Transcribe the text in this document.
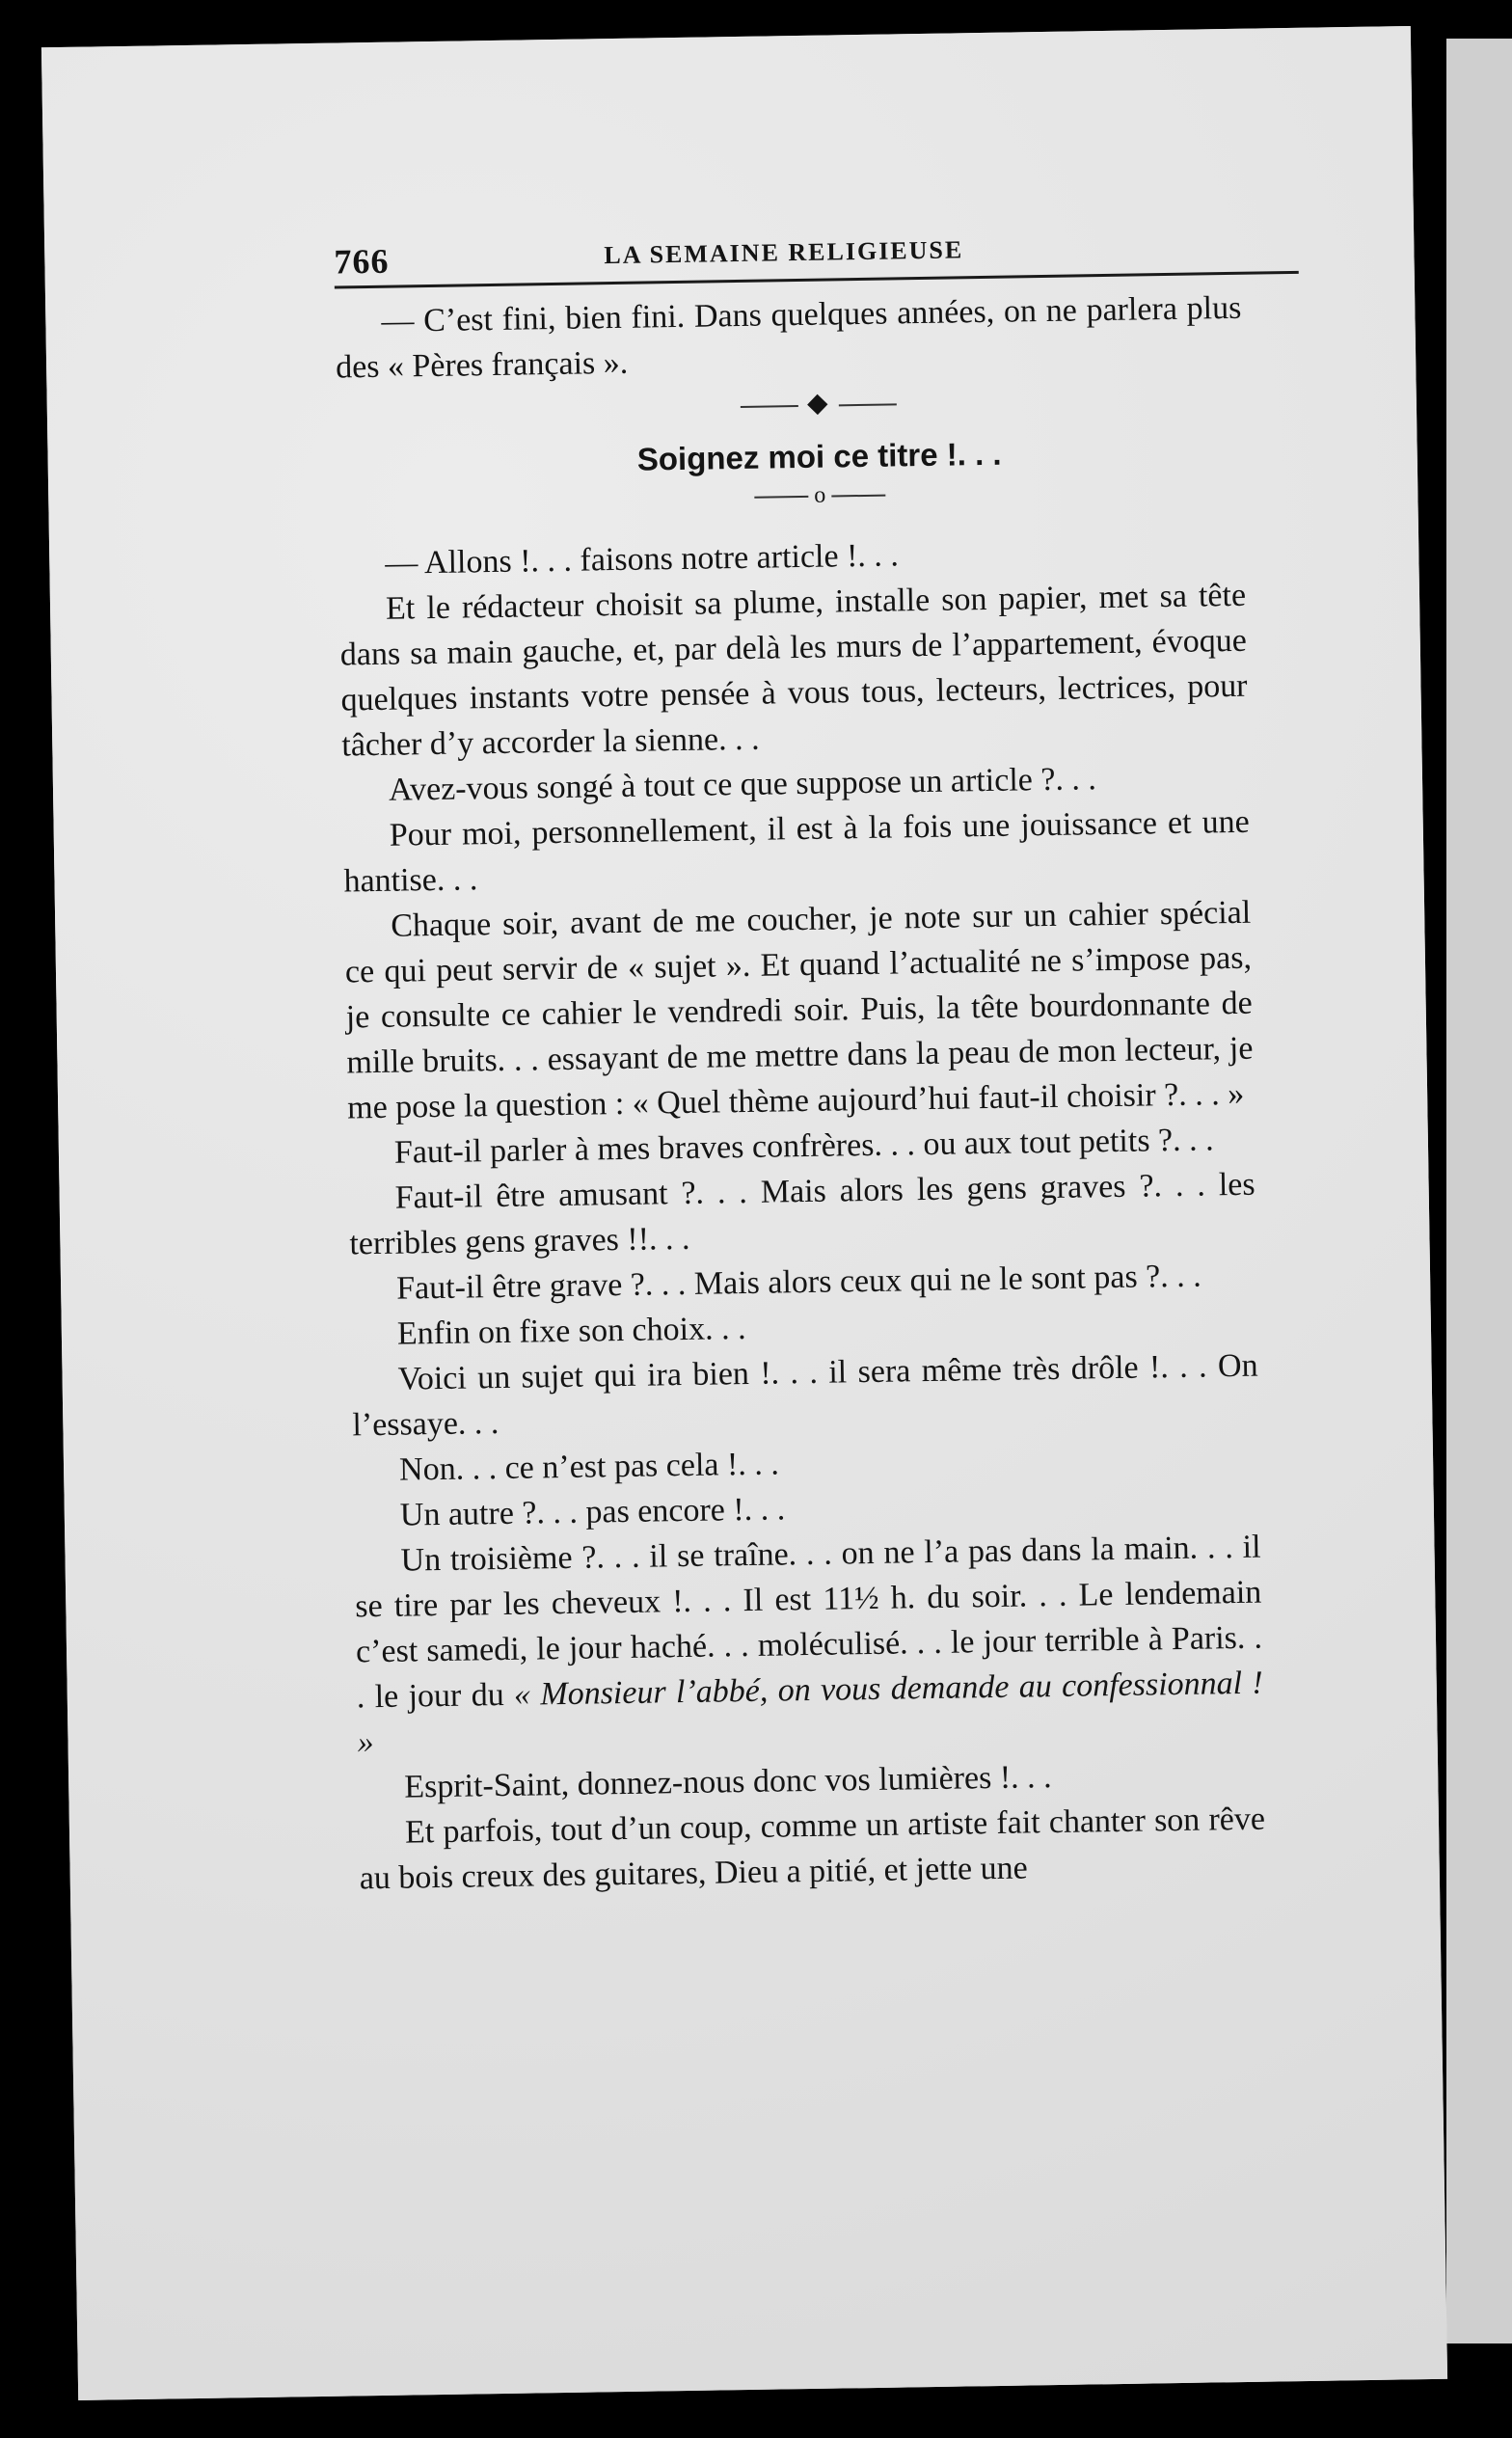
766	LA SEMAINE RELIGIEUSE

— C’est fini, bien fini. Dans quelques années, on ne parlera plus des « Pères français ».

◆
Soignez moi ce titre !. . .
o

— Allons !. . . faisons notre article !. . .

Et le rédacteur choisit sa plume, installe son papier, met sa tête dans sa main gauche, et, par delà les murs de l’appartement, évoque quelques instants votre pensée à vous tous, lecteurs, lectrices, pour tâcher d’y accorder la sienne. . .

Avez-vous songé à tout ce que suppose un article ?. . .

Pour moi, personnellement, il est à la fois une jouissance et une hantise. . .

Chaque soir, avant de me coucher, je note sur un cahier spécial ce qui peut servir de « sujet ». Et quand l’actualité ne s’impose pas, je consulte ce cahier le vendredi soir. Puis, la tête bourdonnante de mille bruits. . . essayant de me mettre dans la peau de mon lecteur, je me pose la question : « Quel thème aujourd’hui faut-il choisir ?. . . »

Faut-il parler à mes braves confrères. . . ou aux tout petits ?. . .

Faut-il être amusant ?. . . Mais alors les gens graves ?. . . les terribles gens graves !!. . .

Faut-il être grave ?. . . Mais alors ceux qui ne le sont pas ?. . .

Enfin on fixe son choix. . .

Voici un sujet qui ira bien !. . . il sera même très drôle !. . . On l’essaye. . .

Non. . . ce n’est pas cela !. . .

Un autre ?. . . pas encore !. . .

Un troisième ?. . . il se traîne. . . on ne l’a pas dans la main. . . il se tire par les cheveux !. . . Il est 11½ h. du soir. . . Le lendemain c’est samedi, le jour haché. . . moléculisé. . . le jour terrible à Paris. . . le jour du « Monsieur l’abbé, on vous demande au confessionnal ! »

Esprit-Saint, donnez-nous donc vos lumières !. . .

Et parfois, tout d’un coup, comme un artiste fait chanter son rêve au bois creux des guitares, Dieu a pitié, et jette une
